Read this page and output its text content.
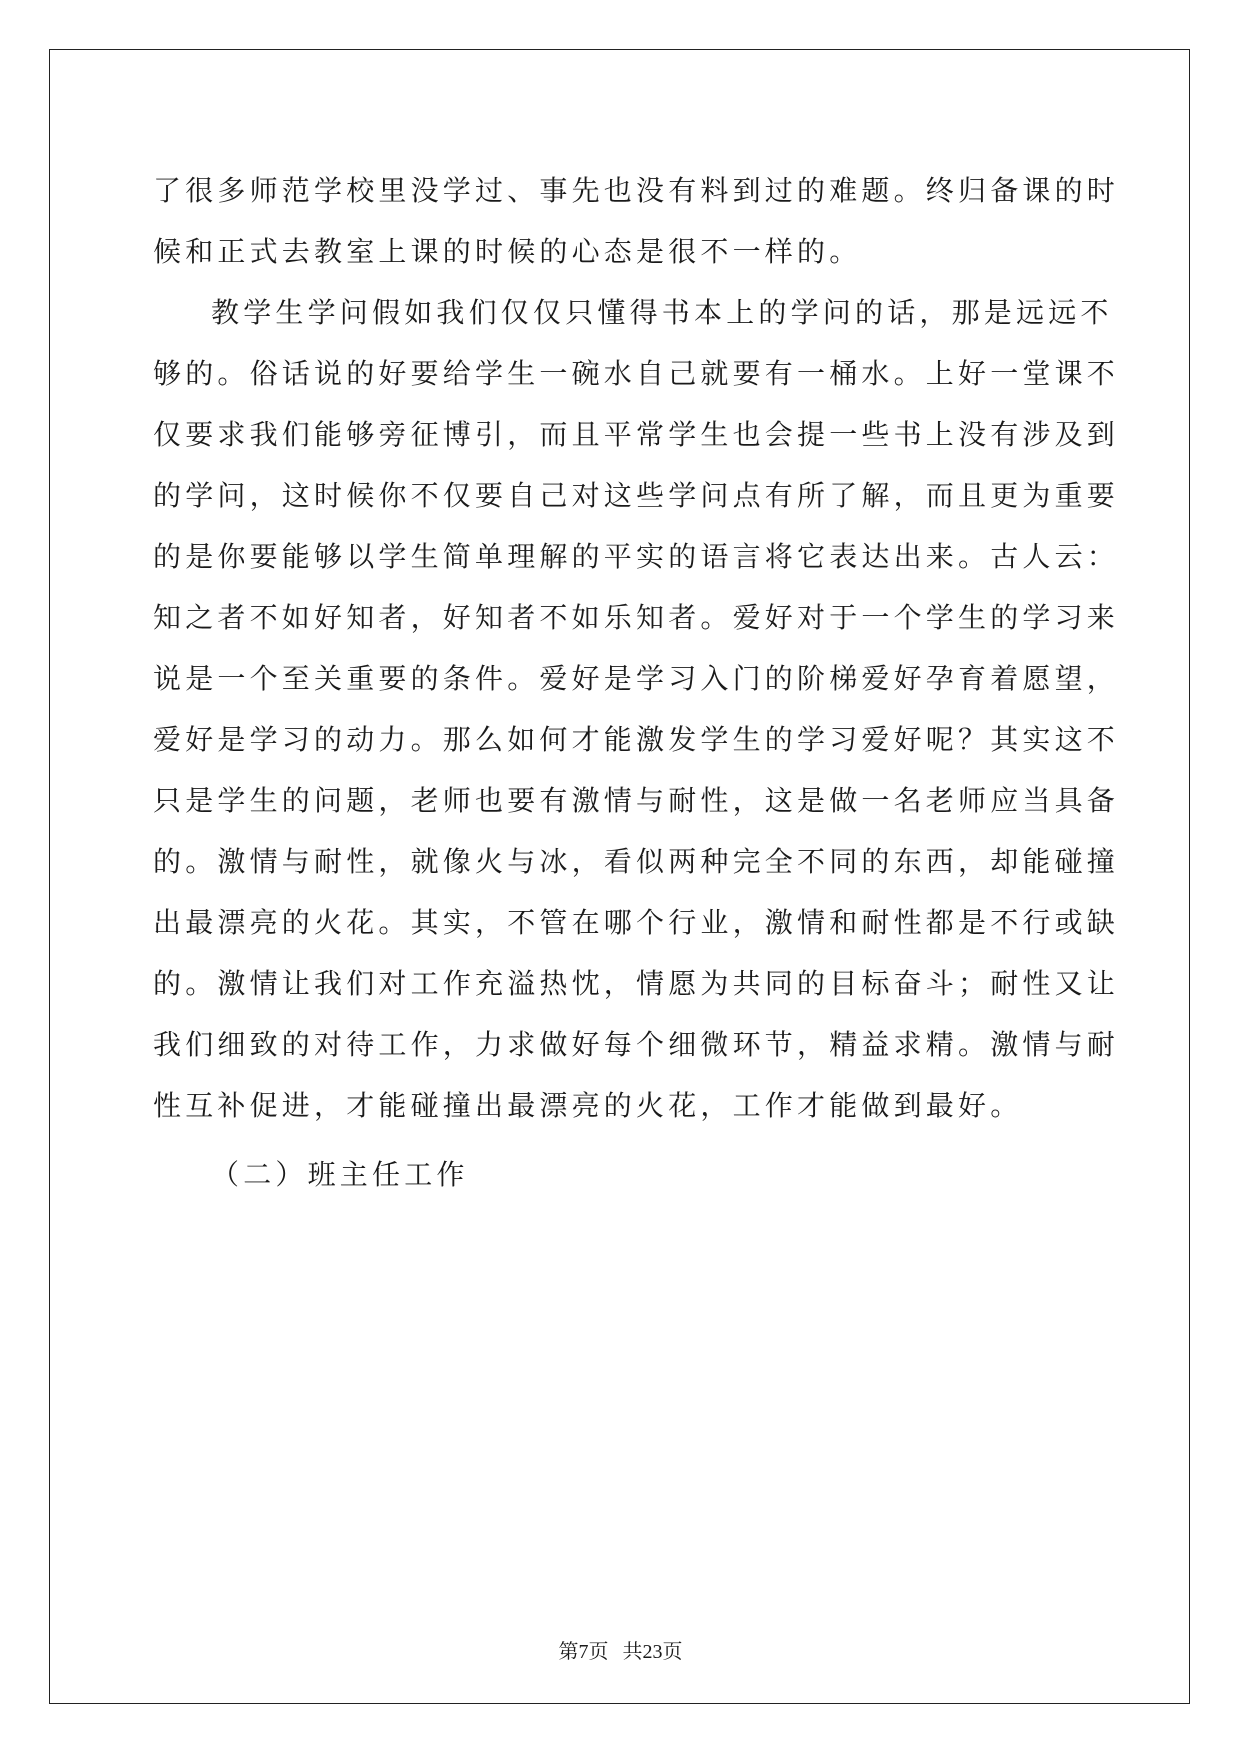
了很多师范学校里没学过、事先也没有料到过的难题。终归备课的时
候和正式去教室上课的时候的心态是很不一样的。
教学生学问假如我们仅仅只懂得书本上的学问的话，那是远远不
够的。俗话说的好要给学生一碗水自己就要有一桶水。上好一堂课不
仅要求我们能够旁征博引，而且平常学生也会提一些书上没有涉及到
的学问，这时候你不仅要自己对这些学问点有所了解，而且更为重要
的是你要能够以学生简单理解的平实的语言将它表达出来。古人云：
知之者不如好知者，好知者不如乐知者。爱好对于一个学生的学习来
说是一个至关重要的条件。爱好是学习入门的阶梯爱好孕育着愿望，
爱好是学习的动力。那么如何才能激发学生的学习爱好呢？其实这不
只是学生的问题，老师也要有激情与耐性，这是做一名老师应当具备
的。激情与耐性，就像火与冰，看似两种完全不同的东西，却能碰撞
出最漂亮的火花。其实，不管在哪个行业，激情和耐性都是不行或缺
的。激情让我们对工作充溢热忱，情愿为共同的目标奋斗；耐性又让
我们细致的对待工作，力求做好每个细微环节，精益求精。激情与耐
性互补促进，才能碰撞出最漂亮的火花，工作才能做到最好。
（二）班主任工作
第7页 共23页
